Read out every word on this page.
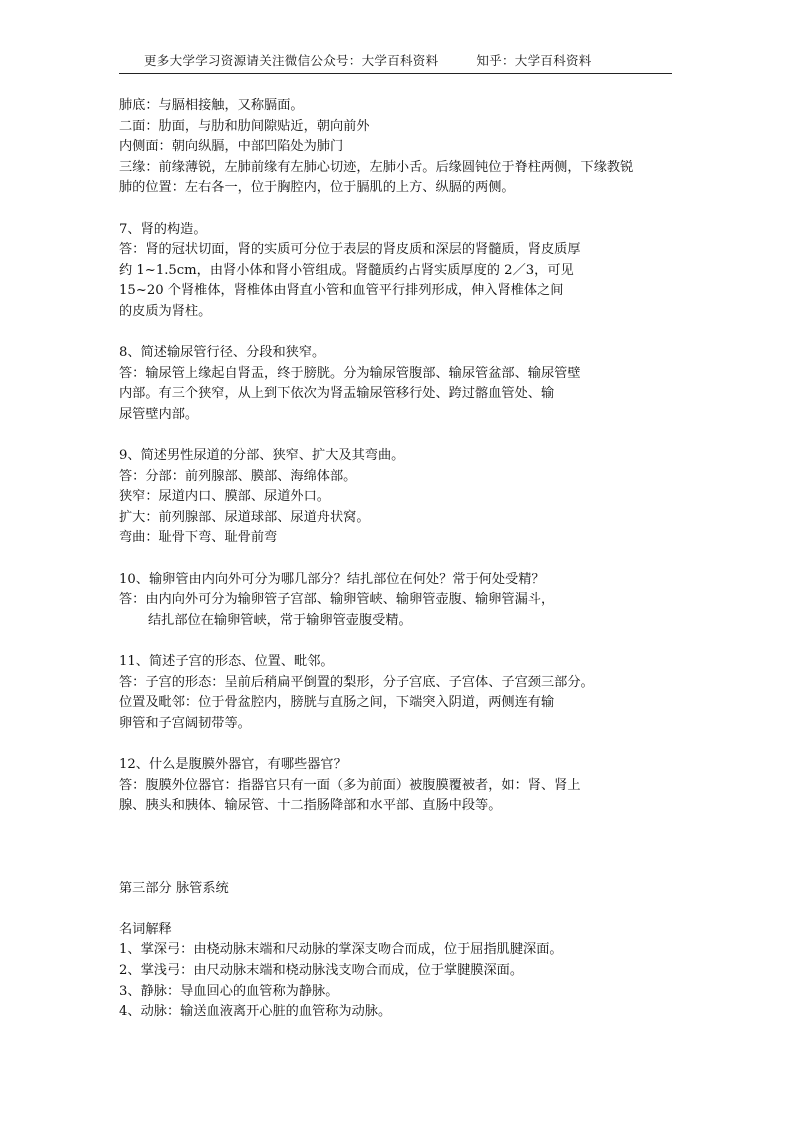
更多大学学习资源请关注微信公众号：大学百科资料	知乎：大学百科资料
肺底：与膈相接触，又称膈面。
二面：肋面，与肋和肋间隙贴近，朝向前外
内侧面：朝向纵膈，中部凹陷处为肺门
三缘：前缘薄锐，左肺前缘有左肺心切迹，左肺小舌。后缘圆钝位于脊柱两侧，下缘教锐
肺的位置：左右各一，位于胸腔内，位于膈肌的上方、纵膈的两侧。
7、肾的构造。
答：肾的冠状切面，肾的实质可分位于表层的肾皮质和深层的肾髓质，肾皮质厚
约 1~1.5cm，由肾小体和肾小管组成。肾髓质约占肾实质厚度的 2／3，可见
15~20 个肾椎体，肾椎体由肾直小管和血管平行排列形成，伸入肾椎体之间
的皮质为肾柱。
8、简述输尿管行径、分段和狭窄。
答：输尿管上缘起自肾盂，终于膀胱。分为输尿管腹部、输尿管盆部、输尿管壁
内部。有三个狭窄，从上到下依次为肾盂输尿管移行处、跨过髂血管处、输
尿管壁内部。
9、简述男性尿道的分部、狭窄、扩大及其弯曲。
答：分部：前列腺部、膜部、海绵体部。
狭窄：尿道内口、膜部、尿道外口。
扩大：前列腺部、尿道球部、尿道舟状窝。
弯曲：耻骨下弯、耻骨前弯
10、输卵管由内向外可分为哪几部分？结扎部位在何处？常于何处受精？
答：由内向外可分为输卵管子宫部、输卵管峡、输卵管壶腹、输卵管漏斗，
结扎部位在输卵管峡，常于输卵管壶腹受精。
11、简述子宫的形态、位置、毗邻。
答：子宫的形态：呈前后稍扁平倒置的梨形，分子宫底、子宫体、子宫颈三部分。
位置及毗邻：位于骨盆腔内，膀胱与直肠之间，下端突入阴道，两侧连有输
卵管和子宫阔韧带等。
12、什么是腹膜外器官，有哪些器官？
答：腹膜外位器官：指器官只有一面（多为前面）被腹膜覆被者，如：肾、肾上
腺、胰头和胰体、输尿管、十二指肠降部和水平部、直肠中段等。
第三部分 脉管系统
名词解释
1、掌深弓：由桡动脉末端和尺动脉的掌深支吻合而成，位于屈指肌腱深面。
2、掌浅弓：由尺动脉末端和桡动脉浅支吻合而成，位于掌腱膜深面。
3、静脉：导血回心的血管称为静脉。
4、动脉：输送血液离开心脏的血管称为动脉。
